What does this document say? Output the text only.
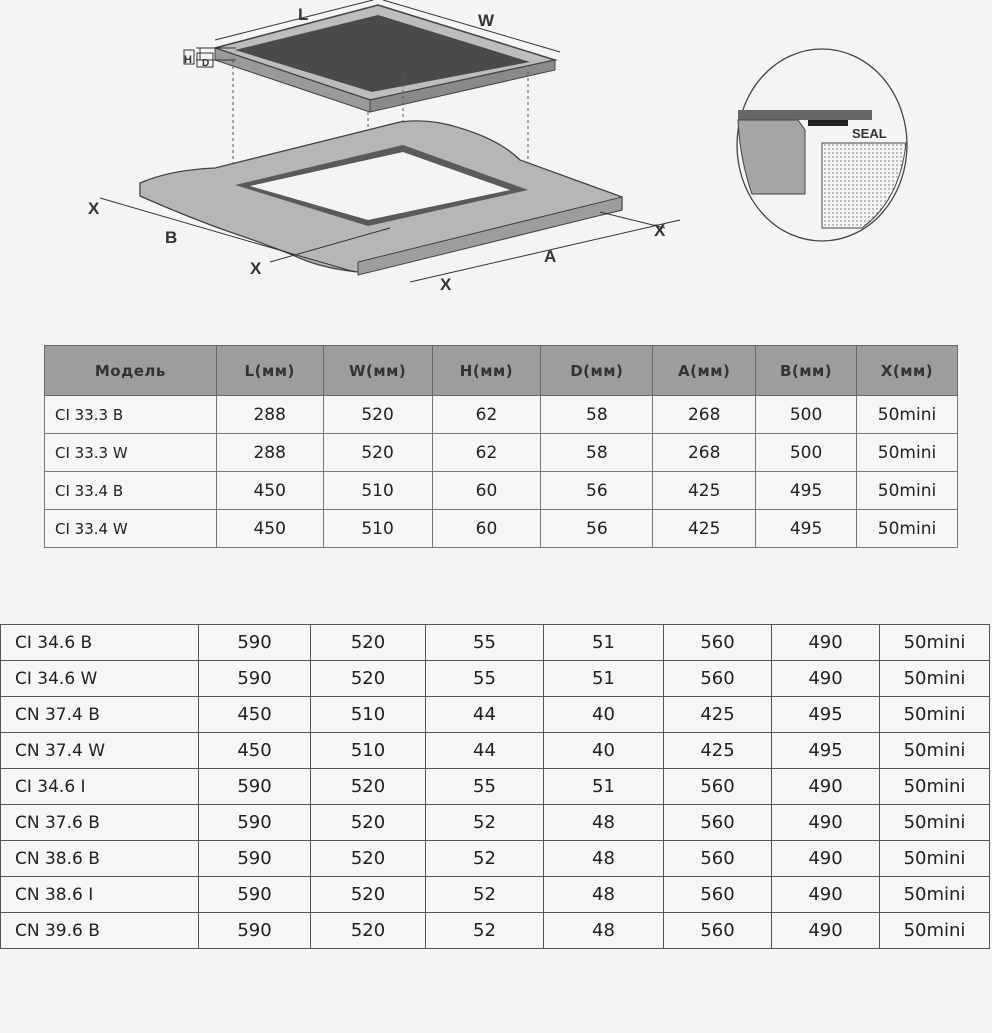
L	W
H D
X
B
X
X
A
X
SEAL
Модель	L(мм)	W(мм)	H(мм)	D(мм)	A(мм)	B(мм)	X(мм)
CI 33.3 B	288	520	62	58	268	500	50mini
CI 33.3 W	288	520	62	58	268	500	50mini
CI 33.4 B	450	510	60	56	425	495	50mini
CI 33.4 W	450	510	60	56	425	495	50mini
CI 34.6 B	590	520	55	51	560	490	50mini
CI 34.6 W	590	520	55	51	560	490	50mini
CN 37.4 B	450	510	44	40	425	495	50mini
CN 37.4 W	450	510	44	40	425	495	50mini
CI 34.6 I	590	520	55	51	560	490	50mini
CN 37.6 B	590	520	52	48	560	490	50mini
CN 38.6 B	590	520	52	48	560	490	50mini
CN 38.6 I	590	520	52	48	560	490	50mini
CN 39.6 B	590	520	52	48	560	490	50mini
